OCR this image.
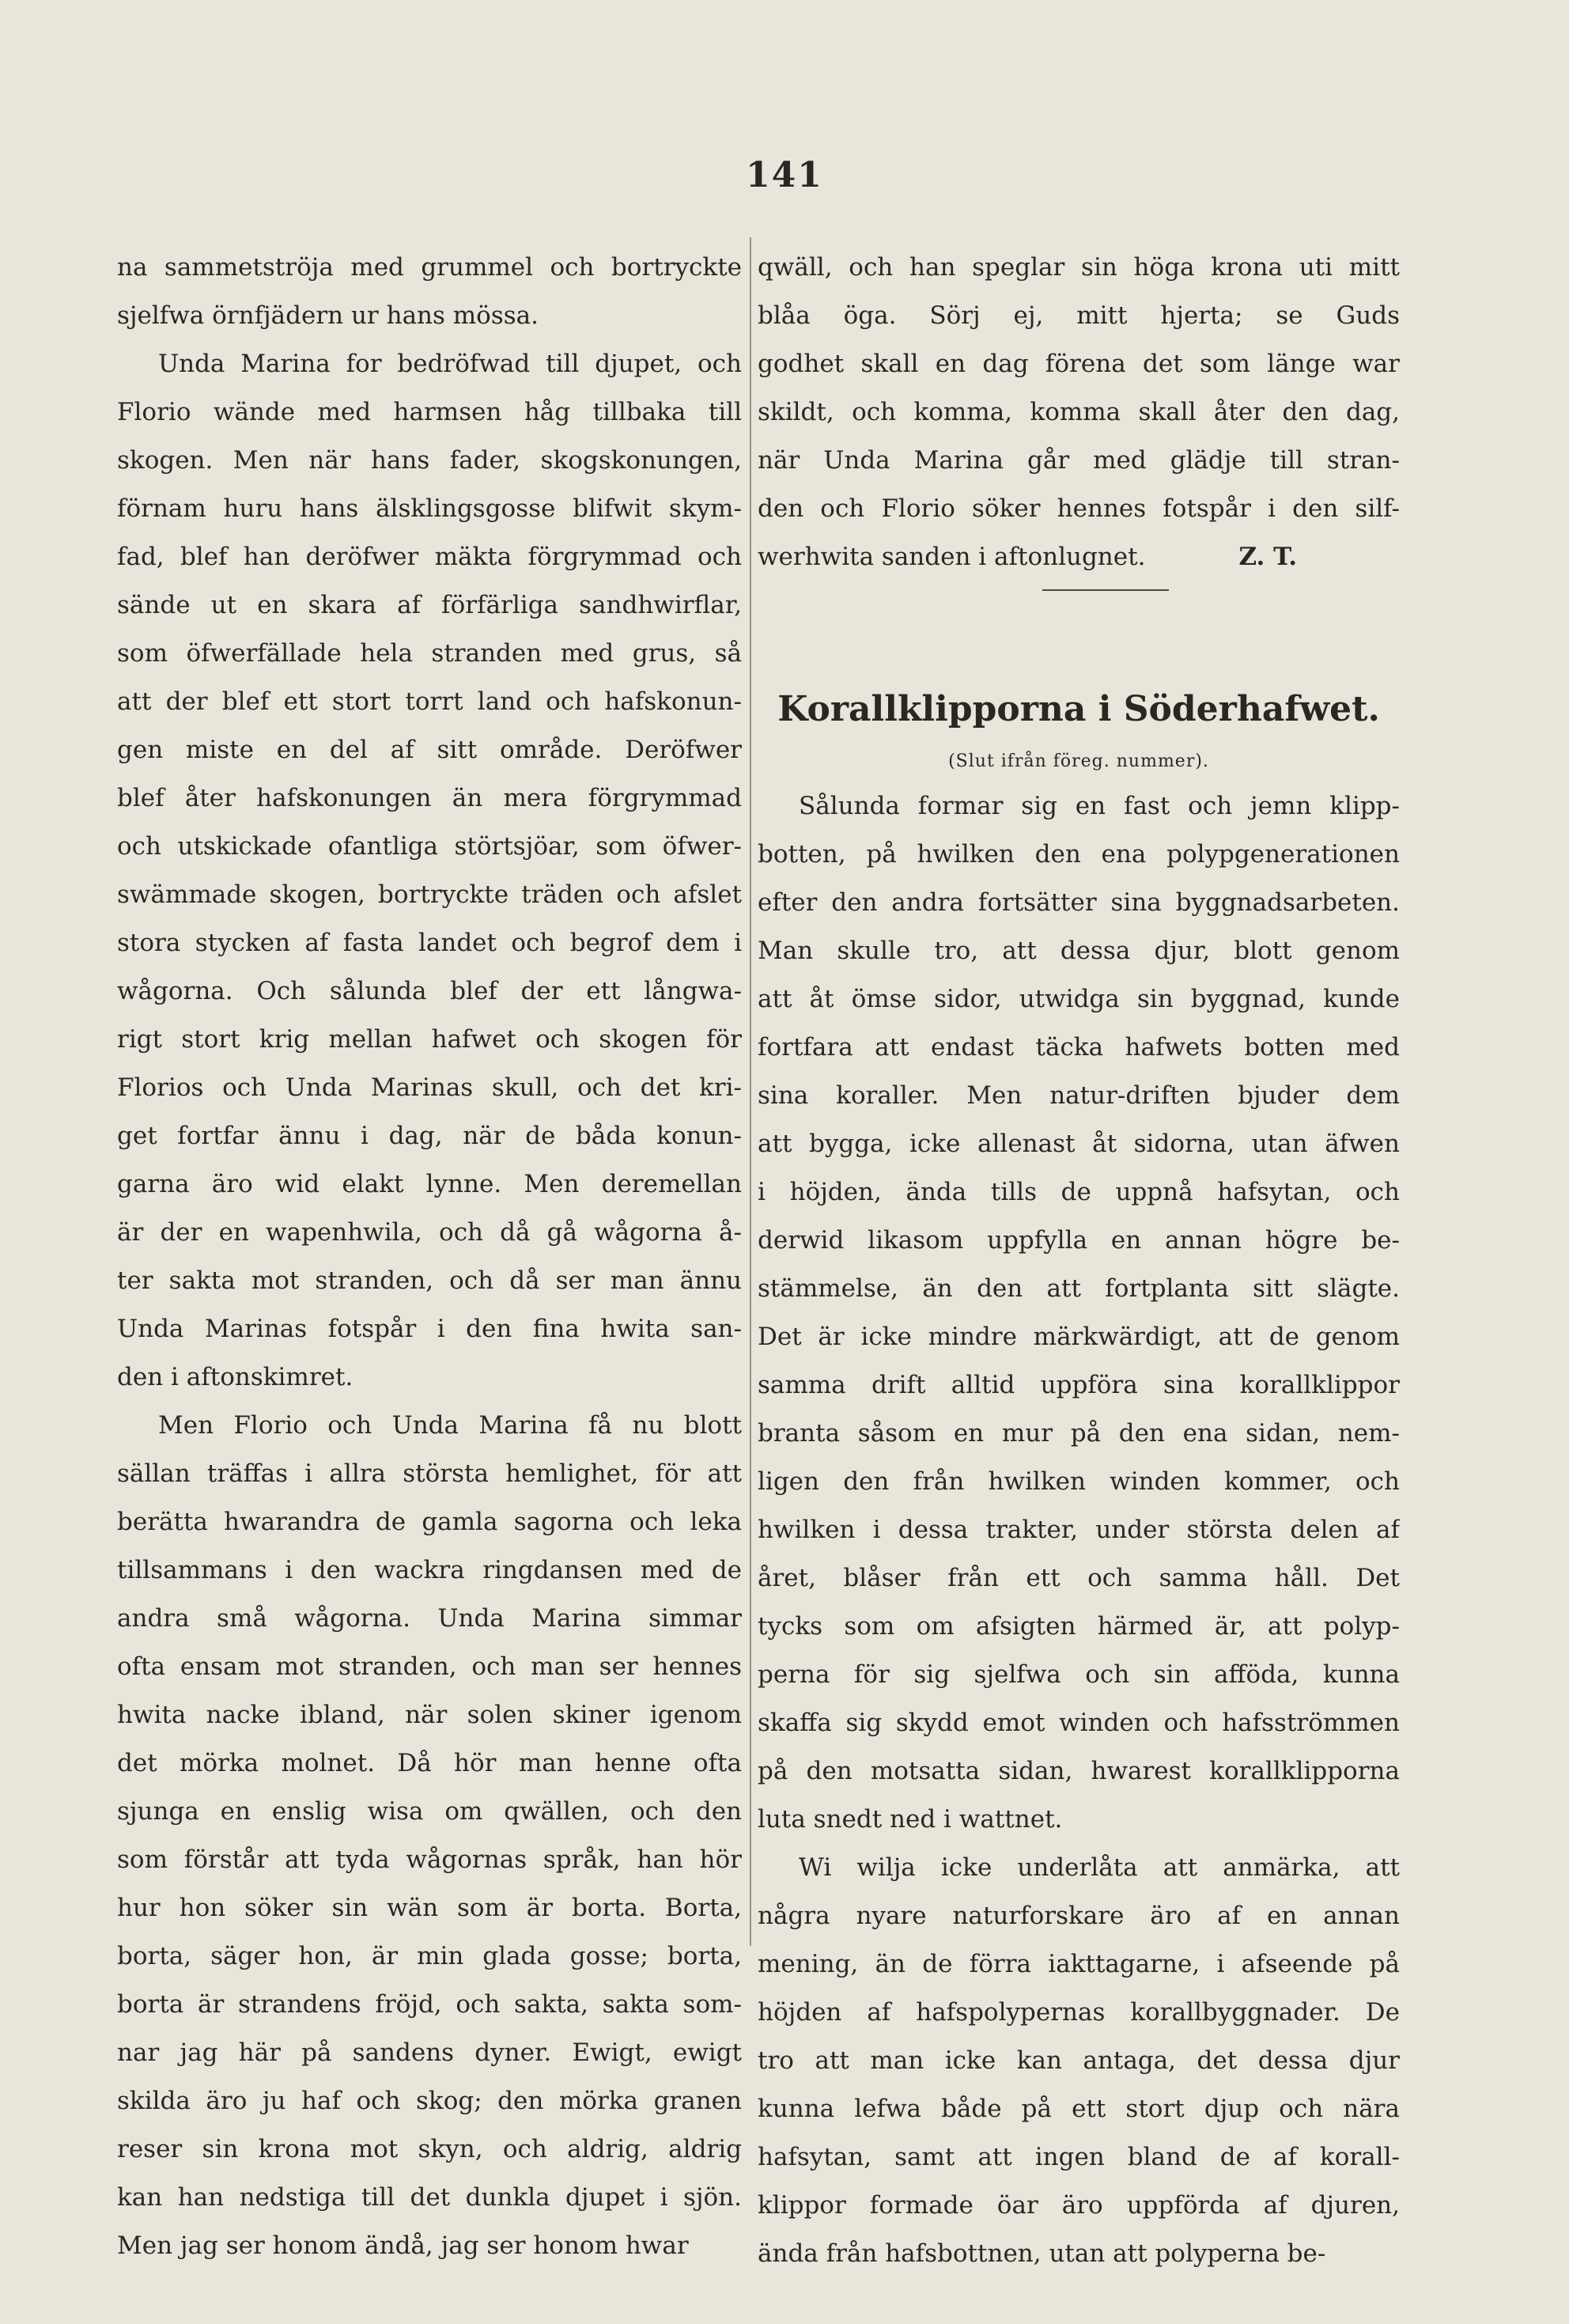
141
na sammetströja med grummel och bortryckte
sjelfwa örnfjädern ur hans mössa.
Unda Marina for bedröfwad till djupet, och
Florio wände med harmsen håg tillbaka till
skogen. Men när hans fader, skogskonungen,
förnam huru hans älsklingsgosse blifwit skym-
fad, blef han deröfwer mäkta förgrymmad och
sände ut en skara af förfärliga sandhwirflar,
som öfwerfällade hela stranden med grus, så
att der blef ett stort torrt land och hafskonun-
gen miste en del af sitt område. Deröfwer
blef åter hafskonungen än mera förgrymmad
och utskickade ofantliga störtsjöar, som öfwer-
swämmade skogen, bortryckte träden och afslet
stora stycken af fasta landet och begrof dem i
wågorna. Och sålunda blef der ett långwa-
rigt stort krig mellan hafwet och skogen för
Florios och Unda Marinas skull, och det kri-
get fortfar ännu i dag, när de båda konun-
garna äro wid elakt lynne. Men deremellan
är der en wapenhwila, och då gå wågorna å-
ter sakta mot stranden, och då ser man ännu
Unda Marinas fotspår i den fina hwita san-
den i aftonskimret.
Men Florio och Unda Marina få nu blott
sällan träffas i allra största hemlighet, för att
berätta hwarandra de gamla sagorna och leka
tillsammans i den wackra ringdansen med de
andra små wågorna. Unda Marina simmar
ofta ensam mot stranden, och man ser hennes
hwita nacke ibland, när solen skiner igenom
det mörka molnet. Då hör man henne ofta
sjunga en enslig wisa om qwällen, och den
som förstår att tyda wågornas språk, han hör
hur hon söker sin wän som är borta. Borta,
borta, säger hon, är min glada gosse; borta,
borta är strandens fröjd, och sakta, sakta som-
nar jag här på sandens dyner. Ewigt, ewigt
skilda äro ju haf och skog; den mörka granen
reser sin krona mot skyn, och aldrig, aldrig
kan han nedstiga till det dunkla djupet i sjön.
Men jag ser honom ändå, jag ser honom hwar
qwäll, och han speglar sin höga krona uti mitt
blåa öga. Sörj ej, mitt hjerta; se Guds
godhet skall en dag förena det som länge war
skildt, och komma, komma skall åter den dag,
när Unda Marina går med glädje till stran-
den och Florio söker hennes fotspår i den silf-
werhwita sanden i aftonlugnet.	Z. T.
Korallklipporna i Söderhafwet.
(Slut ifrån föreg. nummer).
Sålunda formar sig en fast och jemn klipp-
botten, på hwilken den ena polypgenerationen
efter den andra fortsätter sina byggnadsarbeten.
Man skulle tro, att dessa djur, blott genom
att åt ömse sidor, utwidga sin byggnad, kunde
fortfara att endast täcka hafwets botten med
sina koraller. Men natur-driften bjuder dem
att bygga, icke allenast åt sidorna, utan äfwen
i höjden, ända tills de uppnå hafsytan, och
derwid likasom uppfylla en annan högre be-
stämmelse, än den att fortplanta sitt slägte.
Det är icke mindre märkwärdigt, att de genom
samma drift alltid uppföra sina korallklippor
branta såsom en mur på den ena sidan, nem-
ligen den från hwilken winden kommer, och
hwilken i dessa trakter, under största delen af
året, blåser från ett och samma håll. Det
tycks som om afsigten härmed är, att polyp-
perna för sig sjelfwa och sin afföda, kunna
skaffa sig skydd emot winden och hafsströmmen
på den motsatta sidan, hwarest korallklipporna
luta snedt ned i wattnet.
Wi wilja icke underlåta att anmärka, att
några nyare naturforskare äro af en annan
mening, än de förra iakttagarne, i afseende på
höjden af hafspolypernas korallbyggnader. De
tro att man icke kan antaga, det dessa djur
kunna lefwa både på ett stort djup och nära
hafsytan, samt att ingen bland de af korall-
klippor formade öar äro uppförda af djuren,
ända från hafsbottnen, utan att polyperna be-
